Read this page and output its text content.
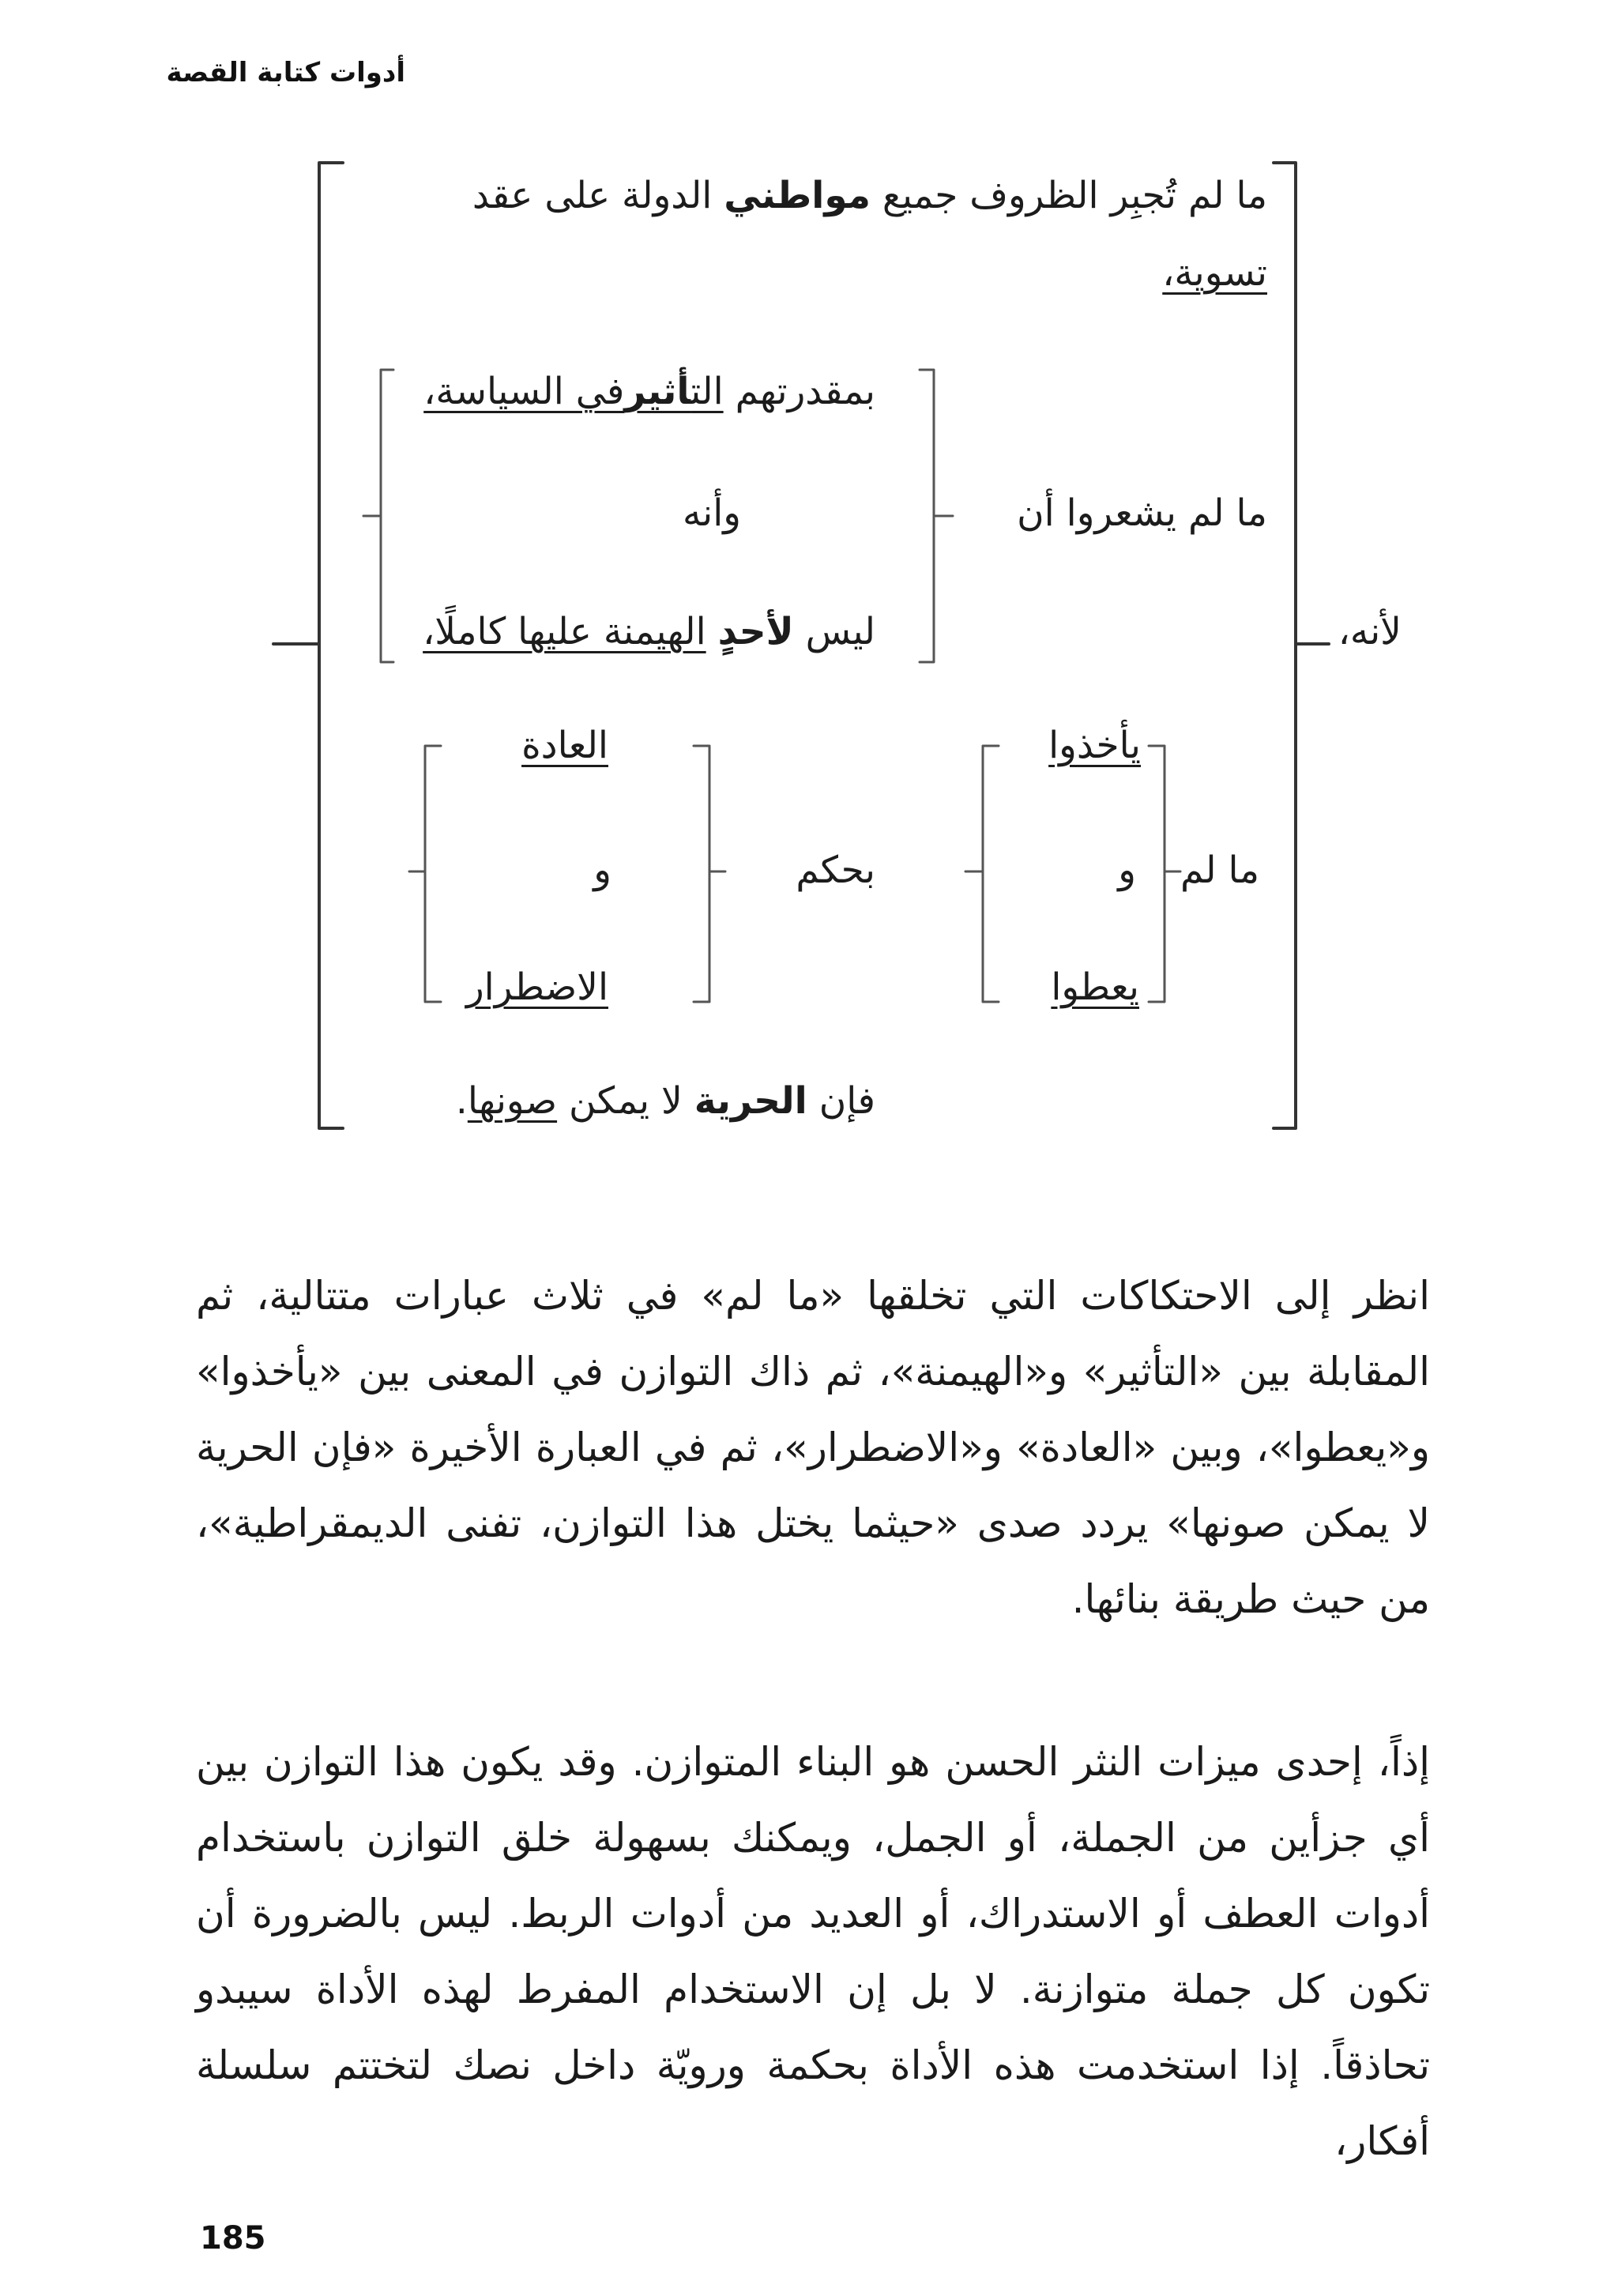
أدوات كتابة القصة
لأنه،
ما لم تُجبِر الظروف جميع مواطني الدولة على عقد
تسوية،
ما لم يشعروا أن
بمقدرتهم التأثيرفي السياسة،
وأنه
ليس لأحدٍ الهيمنة عليها كاملًا،
ما لم
يأخذوا
و
يعطوا
بحكم
العادة
و
الاضطرار
فإن الحرية لا يمكن صونها.

انظر إلى الاحتكاكات التي تخلقها «ما لم» في ثلاث عبارات متتالية، ثم المقابلة بين «التأثير» و«الهيمنة»، ثم ذاك التوازن في المعنى بين «يأخذوا» و«يعطوا»، وبين «العادة» و«الاضطرار»، ثم في العبارة الأخيرة «فإن الحرية لا يمكن صونها» يردد صدى «حيثما يختل هذا التوازن، تفنى الديمقراطية»، من حيث طريقة بنائها.

إذاً، إحدى ميزات النثر الحسن هو البناء المتوازن. وقد يكون هذا التوازن بين أي جزأين من الجملة، أو الجمل، ويمكنك بسهولة خلق التوازن باستخدام أدوات العطف أو الاستدراك، أو العديد من أدوات الربط. ليس بالضرورة أن تكون كل جملة متوازنة. لا بل إن الاستخدام المفرط لهذه الأداة سيبدو تحاذقاً. إذا استخدمت هذه الأداة بحكمة ورويّة داخل نصك لتختتم سلسلة أفكار،

185
